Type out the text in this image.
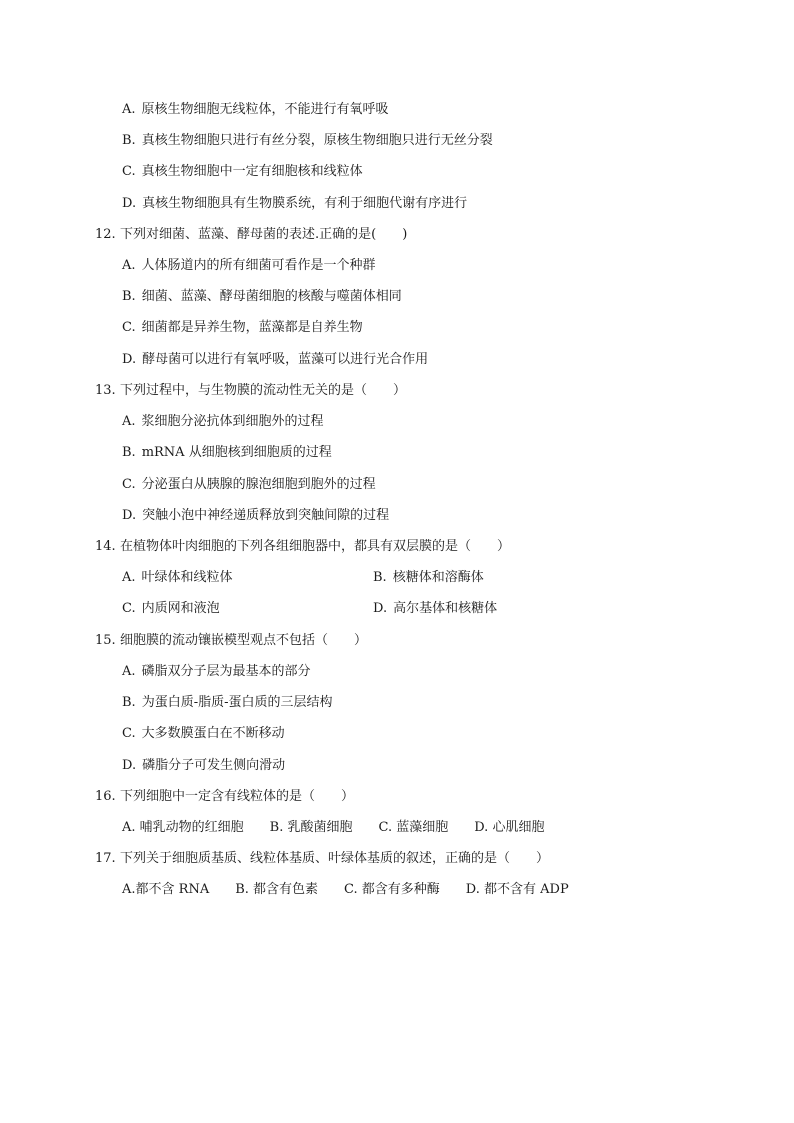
A. 原核生物细胞无线粒体，不能进行有氧呼吸
B. 真核生物细胞只进行有丝分裂，原核生物细胞只进行无丝分裂
C. 真核生物细胞中一定有细胞核和线粒体
D. 真核生物细胞具有生物膜系统，有利于细胞代谢有序进行
12. 下列对细菌、蓝藻、酵母菌的表述.正确的是(　　)
A. 人体肠道内的所有细菌可看作是一个种群
B. 细菌、蓝藻、酵母菌细胞的核酸与噬菌体相同
C. 细菌都是异养生物，蓝藻都是自养生物
D. 酵母菌可以进行有氧呼吸，蓝藻可以进行光合作用
13. 下列过程中，与生物膜的流动性无关的是（　　）
A. 浆细胞分泌抗体到细胞外的过程
B. mRNA 从细胞核到细胞质的过程
C. 分泌蛋白从胰腺的腺泡细胞到胞外的过程
D. 突触小泡中神经递质释放到突触间隙的过程
14. 在植物体叶肉细胞的下列各组细胞器中，都具有双层膜的是（　　）
A. 叶绿体和线粒体	B. 核糖体和溶酶体
C. 内质网和液泡	D. 高尔基体和核糖体
15. 细胞膜的流动镶嵌模型观点不包括（　　）
A. 磷脂双分子层为最基本的部分
B. 为蛋白质-脂质-蛋白质的三层结构
C. 大多数膜蛋白在不断移动
D. 磷脂分子可发生侧向滑动
16. 下列细胞中一定含有线粒体的是（　　）
A. 哺乳动物的红细胞　　B. 乳酸菌细胞　　C. 蓝藻细胞　　D. 心肌细胞
17. 下列关于细胞质基质、线粒体基质、叶绿体基质的叙述，正确的是（　　）
A.都不含 RNA　　B. 都含有色素　　C. 都含有多种酶　　D. 都不含有 ADP
